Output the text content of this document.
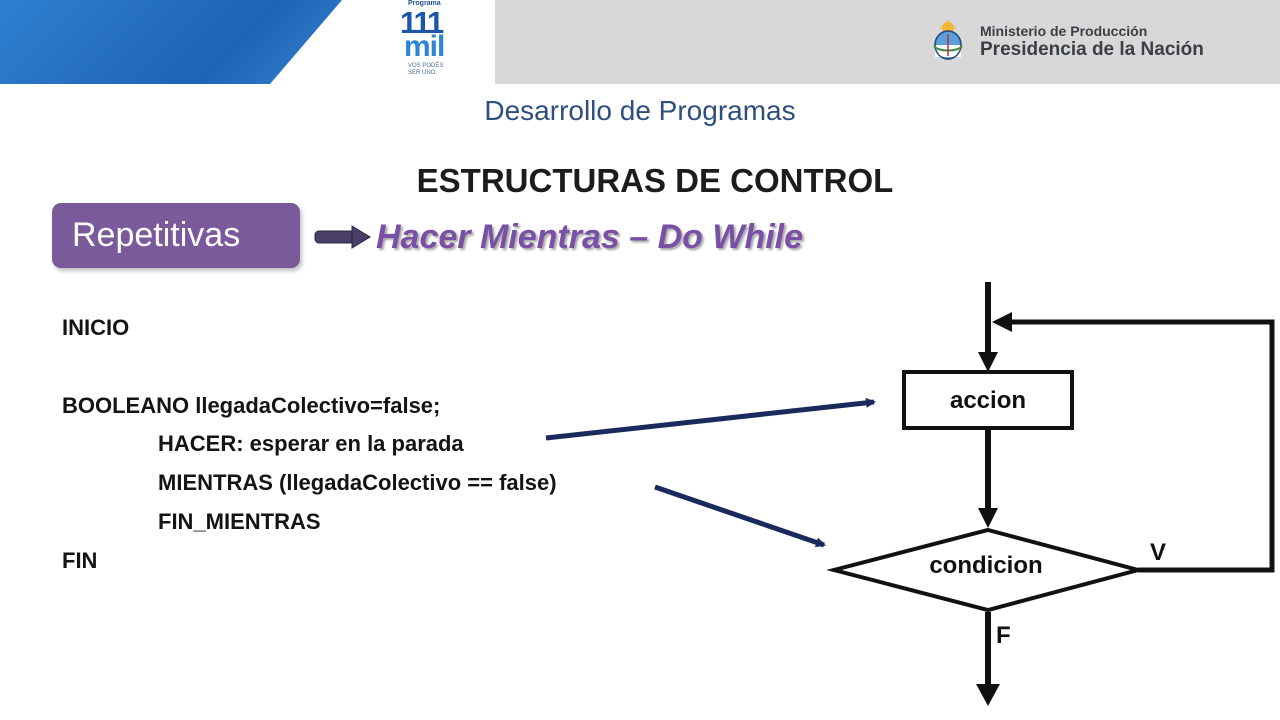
Programa
111
mil
VOS PODÉS
SER UNO.
Ministerio de Producción
Presidencia de la Nación
Desarrollo de Programas
ESTRUCTURAS DE CONTROL
Repetitivas	Hacer Mientras – Do While
INICIO
BOOLEANO llegadaColectivo=false;
HACER: esperar en la parada
MIENTRAS (llegadaColectivo == false)
FIN_MIENTRAS
FIN
accion
condicion	V
F
